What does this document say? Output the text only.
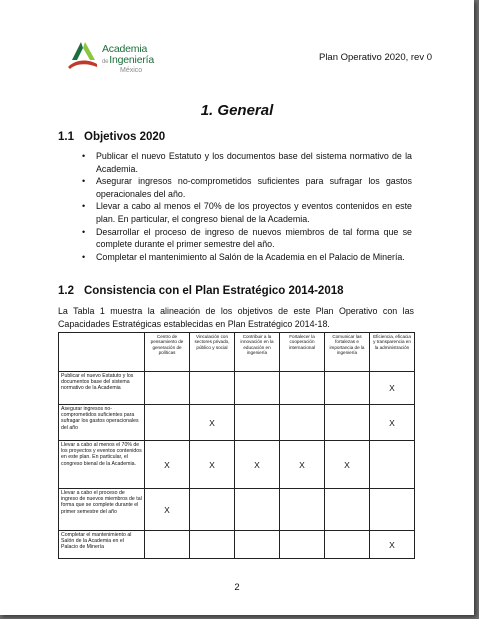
Academia
deIngeniería
México
Plan Operativo 2020, rev 0
1. General
1.1 Objetivos 2020
• Publicar el nuevo Estatuto y los documentos base del sistema normativo de la Academia.
• Asegurar ingresos no-comprometidos suficientes para sufragar los gastos operacionales del año.
• Llevar a cabo al menos el 70% de los proyectos y eventos contenidos en este plan. En particular, el congreso bienal de la Academia.
• Desarrollar el proceso de ingreso de nuevos miembros de tal forma que se complete durante el primer semestre del año.
• Completar el mantenimiento al Salón de la Academia en el Palacio de Minería.
1.2 Consistencia con el Plan Estratégico 2014-2018
La Tabla 1 muestra la alineación de los objetivos de este Plan Operativo con las Capacidades Estratégicas establecidas en Plan Estratégico 2014-18.
	Centro de pensamiento de generación de políticas	Vinculación con sectores privado, público y social	Contribuir a la innovación en la educación en ingeniería	Fortalecer la cooperación internacional	Comunicar las fortalezas e importancia de la ingeniería	Eficiencia, eficacia y transparencia en la administración
Publicar el nuevo Estatuto y los documentos base del sistema normativo de la Academia						X
Asegurar ingresos no-comprometidos suficientes para sufragar los gastos operacionales del año		X				X
Llevar a cabo al menos el 70% de los proyectos y eventos contenidos en este plan. En particular, el congreso bienal de la Academia.	X	X	X	X	X	
Llevar a cabo el proceso de ingreso de nuevos miembros de tal forma que se complete durante el primer semestre del año	X					
Completar el mantenimiento al Salón de la Academia en el Palacio de Minería						X
2
